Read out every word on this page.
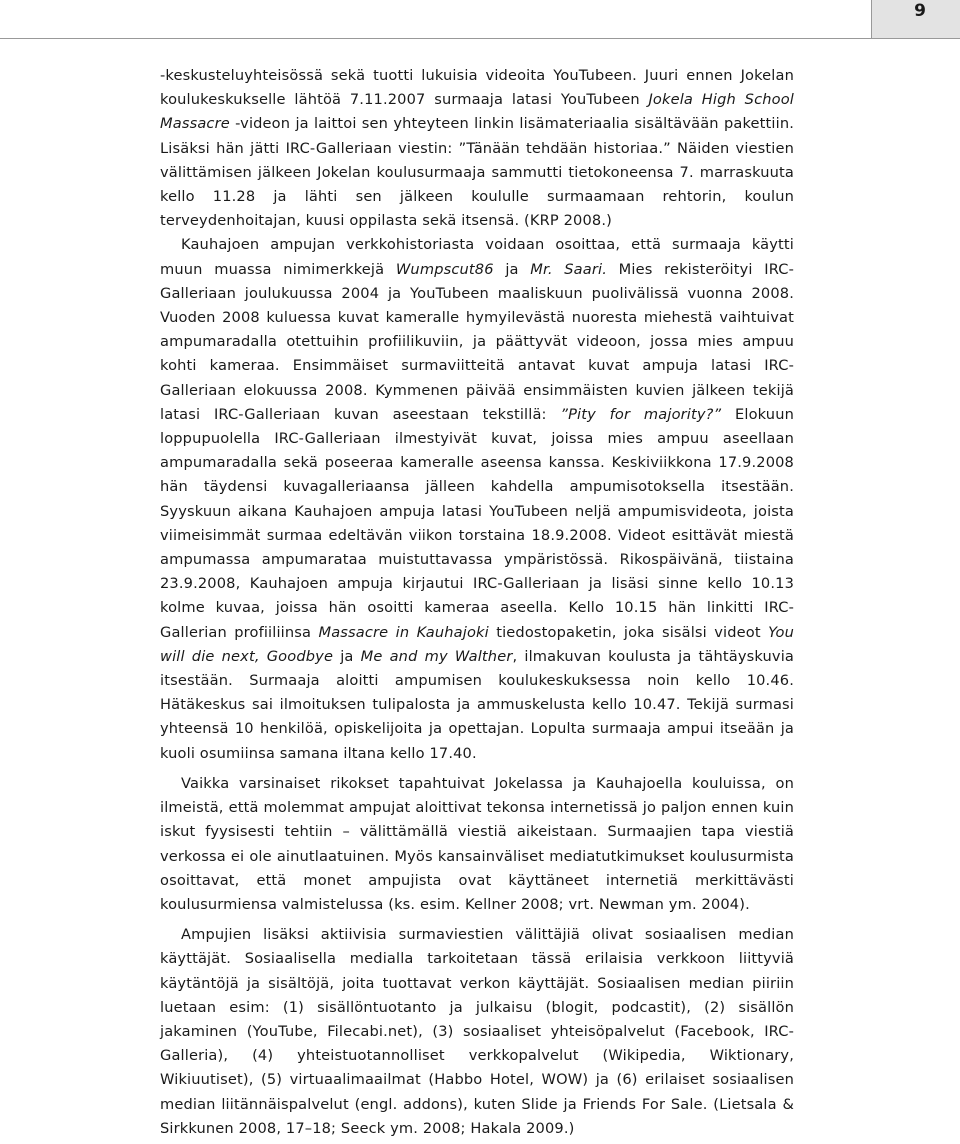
9

-keskusteluyhteisössä sekä tuotti lukuisia videoita YouTubeen. Juuri ennen Jokelan koulukeskukselle lähtöä 7.11.2007 surmaaja latasi YouTubeen Jokela High School Massacre -videon ja laittoi sen yhteyteen linkin lisämateriaalia sisältävään pakettiin. Lisäksi hän jätti IRC-Galleriaan viestin: ”Tänään tehdään historiaa.” Näiden viestien välittämisen jälkeen Jokelan koulusurmaaja sammutti tietokoneensa 7. marraskuuta kello 11.28 ja lähti sen jälkeen koululle surmaamaan rehtorin, koulun terveydenhoitajan, kuusi oppilasta sekä itsensä. (KRP 2008.)

Kauhajoen ampujan verkkohistoriasta voidaan osoittaa, että surmaaja käytti muun muassa nimimerkkejä Wumpscut86 ja Mr. Saari. Mies rekisteröityi IRC-Galleriaan joulukuussa 2004 ja YouTubeen maaliskuun puolivälissä vuonna 2008. Vuoden 2008 kuluessa kuvat kameralle hymyilevästä nuoresta miehestä vaihtuivat ampumaradalla otettuihin profiilikuviin, ja päättyvät videoon, jossa mies ampuu kohti kameraa. Ensimmäiset surmaviitteitä antavat kuvat ampuja latasi IRC-Galleriaan elokuussa 2008. Kymmenen päivää ensimmäisten kuvien jälkeen tekijä latasi IRC-Galleriaan kuvan aseestaan tekstillä: ”Pity for majority?” Elokuun loppupuolella IRC-Galleriaan ilmestyivät kuvat, joissa mies ampuu aseellaan ampumaradalla sekä poseeraa kameralle aseensa kanssa. Keskiviikkona 17.9.2008 hän täydensi kuvagalleriaansa jälleen kahdella ampumisotoksella itsestään. Syyskuun aikana Kauhajoen ampuja latasi YouTubeen neljä ampumisvideota, joista viimeisimmät surmaa edeltävän viikon torstaina 18.9.2008. Videot esittävät miestä ampumassa ampumarataa muistuttavassa ympäristössä. Rikospäivänä, tiistaina 23.9.2008, Kauhajoen ampuja kirjautui IRC-Galleriaan ja lisäsi sinne kello 10.13 kolme kuvaa, joissa hän osoitti kameraa aseella. Kello 10.15 hän linkitti IRC-Gallerian profiiliinsa Massacre in Kauhajoki tiedostopaketin, joka sisälsi videot You will die next, Goodbye ja Me and my Walther, ilmakuvan koulusta ja tähtäyskuvia itsestään. Surmaaja aloitti ampumisen koulukeskuksessa noin kello 10.46. Hätäkeskus sai ilmoituksen tulipalosta ja ammuskelusta kello 10.47. Tekijä surmasi yhteensä 10 henkilöä, opiskelijoita ja opettajan. Lopulta surmaaja ampui itseään ja kuoli osumiinsa samana iltana kello 17.40.

Vaikka varsinaiset rikokset tapahtuivat Jokelassa ja Kauhajoella kouluissa, on ilmeistä, että molemmat ampujat aloittivat tekonsa internetissä jo paljon ennen kuin iskut fyysisesti tehtiin – välittämällä viestiä aikeistaan. Surmaajien tapa viestiä verkossa ei ole ainutlaatuinen. Myös kansainväliset mediatutkimukset koulusurmista osoittavat, että monet ampujista ovat käyttäneet internetiä merkittävästi koulusurmiensa valmistelussa (ks. esim. Kellner 2008; vrt. Newman ym. 2004).

Ampujien lisäksi aktiivisia surmaviestien välittäjiä olivat sosiaalisen median käyttäjät. Sosiaalisella medialla tarkoitetaan tässä erilaisia verkkoon liittyviä käytäntöjä ja sisältöjä, joita tuottavat verkon käyttäjät. Sosiaalisen median piiriin luetaan esim: (1) sisällöntuotanto ja julkaisu (blogit, podcastit), (2) sisällön jakaminen (YouTube, Filecabi.net), (3) sosiaaliset yhteisöpalvelut (Facebook, IRC-Galleria), (4) yhteistuotannolliset verkkopalvelut (Wikipedia, Wiktionary, Wikiuutiset), (5) virtuaalimaailmat (Habbo Hotel, WOW) ja (6) erilaiset sosiaalisen median liitännäispalvelut (engl. addons), kuten Slide ja Friends For Sale. (Lietsala & Sirkkunen 2008, 17–18; Seeck ym. 2008; Hakala 2009.)
